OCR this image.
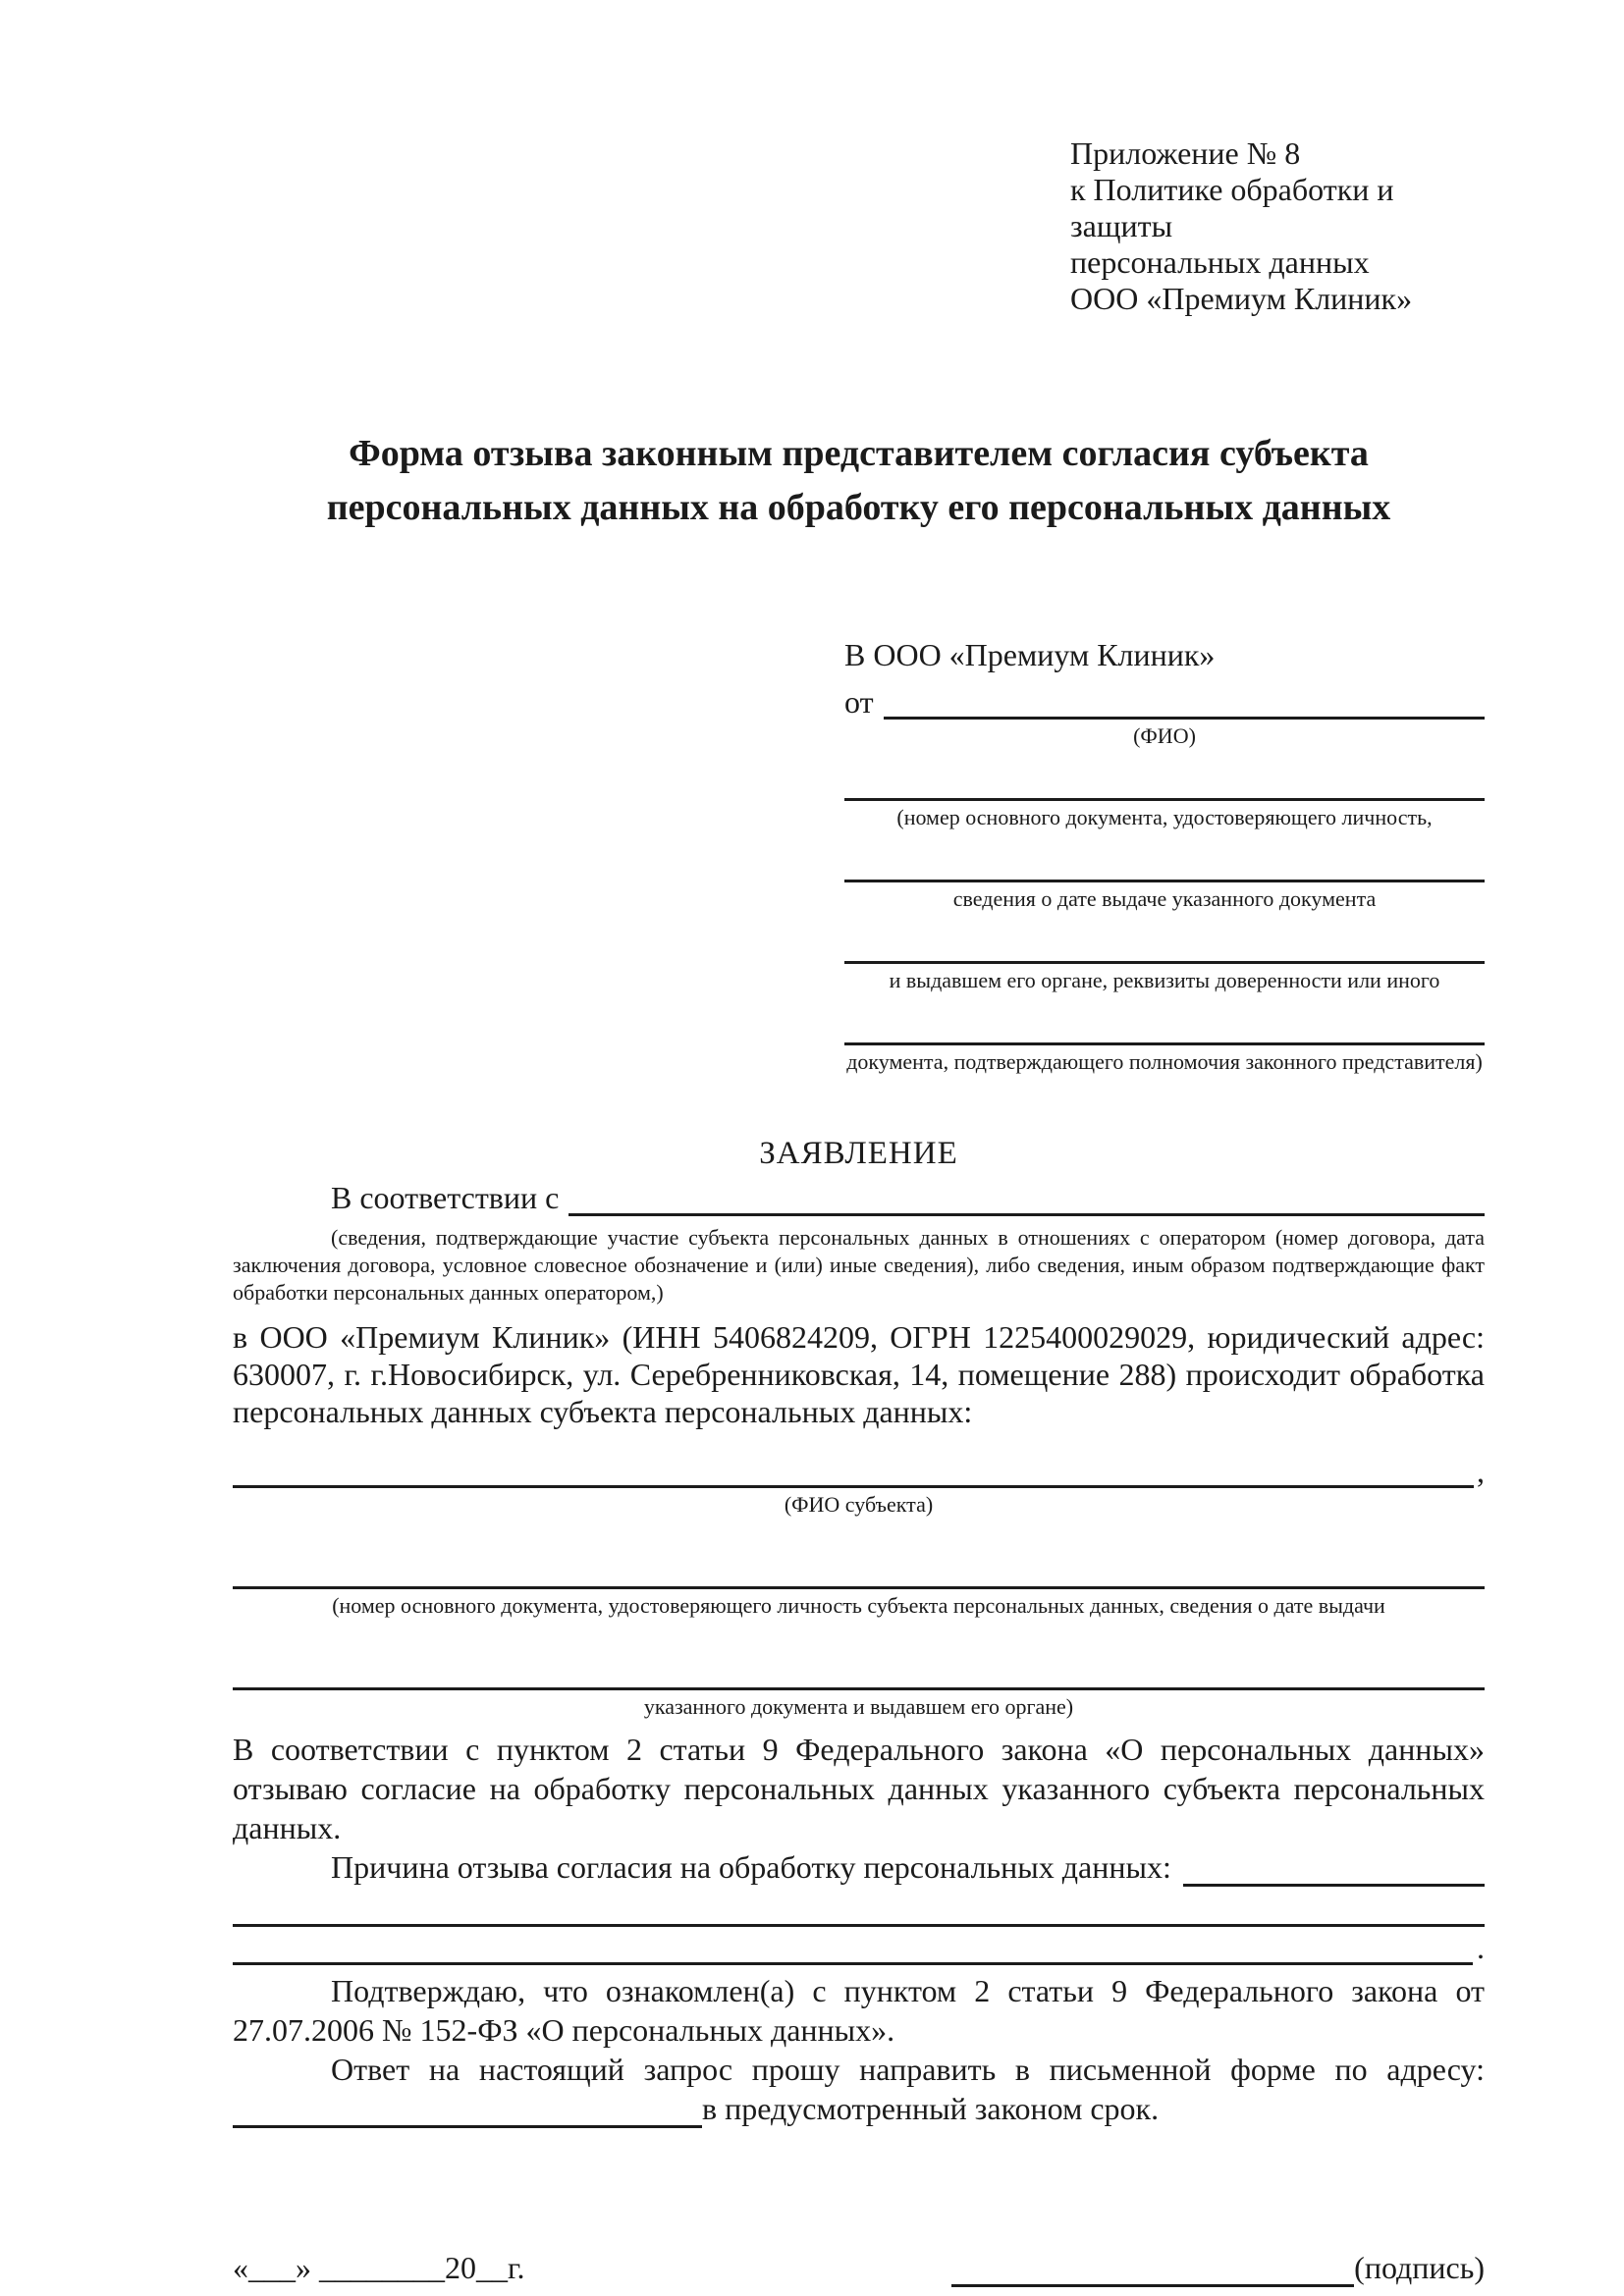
Приложение № 8
к Политике обработки и защиты
персональных данных
ООО «Премиум Клиник»
Форма отзыва законным представителем согласия субъекта персональных данных на обработку его персональных данных
В ООО «Премиум Клиник»
от
(ФИО)
(номер основного документа, удостоверяющего личность,
сведения о дате выдаче указанного документа
и выдавшем его органе, реквизиты доверенности или иного
документа, подтверждающего полномочия законного представителя)
ЗАЯВЛЕНИЕ
В соответствии с
(сведения, подтверждающие участие субъекта персональных данных в отношениях с оператором (номер договора, дата заключения договора, условное словесное обозначение и (или) иные сведения), либо сведения, иным образом подтверждающие факт обработки персональных данных оператором,)
в ООО «Премиум Клиник» (ИНН 5406824209, ОГРН 1225400029029, юридический адрес: 630007, г. г.Новосибирск, ул. Серебренниковская, 14, помещение 288) происходит обработка персональных данных субъекта персональных данных:
,
(ФИО субъекта)
(номер основного документа, удостоверяющего личность субъекта персональных данных, сведения о дате выдачи
указанного документа и выдавшем его органе)
В соответствии с пунктом 2 статьи 9 Федерального закона «О персональных данных» отзываю согласие на обработку персональных данных указанного субъекта персональных данных.
Причина отзыва согласия на обработку персональных данных:
.
Подтверждаю, что ознакомлен(а) с пунктом 2 статьи 9 Федерального закона от 27.07.2006 № 152-ФЗ «О персональных данных».
Ответ на настоящий запрос прошу направить в письменной форме по адресу:
в предусмотренный законом срок.
«___» ________20__г.	(подпись)
